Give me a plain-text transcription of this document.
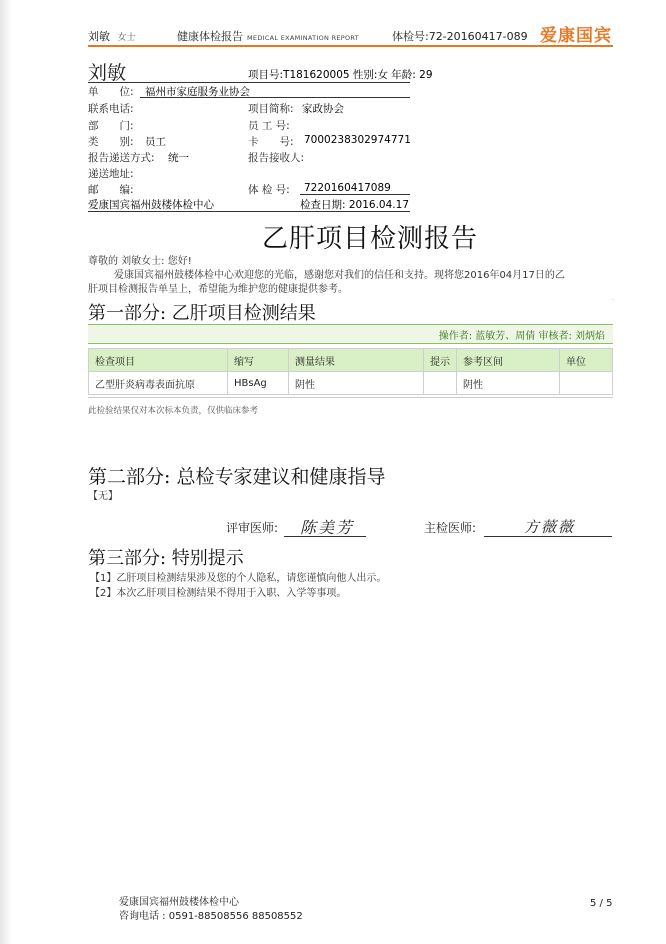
刘敏 女士	健康体检报告 MEDICAL EXAMINATION REPORT	体检号:72-20160417-089 爱康国宾
刘敏	项目号:T181620005 性别:女 年龄: 29
单　　位: 福州市家庭服务业协会
联系电话:	项目简称: 家政协会
部　　门:	员 工 号:
类　　别: 员工	卡　　号: 7000238302974771
报告递送方式: 统一	报告接收人:
递送地址:
邮　　编:	体 检 号: 7220160417089
爱康国宾福州鼓楼体检中心	检查日期: 2016.04.17
乙肝项目检测报告
尊敬的 刘敏女士: 您好!
爱康国宾福州鼓楼体检中心欢迎您的光临，感谢您对我们的信任和支持。现将您2016年04月17日的乙
肝项目检测报告单呈上，希望能为维护您的健康提供参考。
·
第一部分: 乙肝项目检测结果
操作者: 蓝敏芳、周倩 审核者: 刘炳焰
检查项目	缩写	测量结果	提示	参考区间	单位
乙型肝炎病毒表面抗原	HBsAg	阴性		阴性	
此检验结果仅对本次标本负责，仅供临床参考
第二部分: 总检专家建议和健康指导
【无】
评审医师: 陈美芳	主检医师:	方薇薇
第三部分: 特别提示
【1】乙肝项目检测结果涉及您的个人隐私，请您谨慎向他人出示。
【2】本次乙肝项目检测结果不得用于入职、入学等事项。
爱康国宾福州鼓楼体检中心
咨询电话 : 0591-88508556 88508552
5 / 5
